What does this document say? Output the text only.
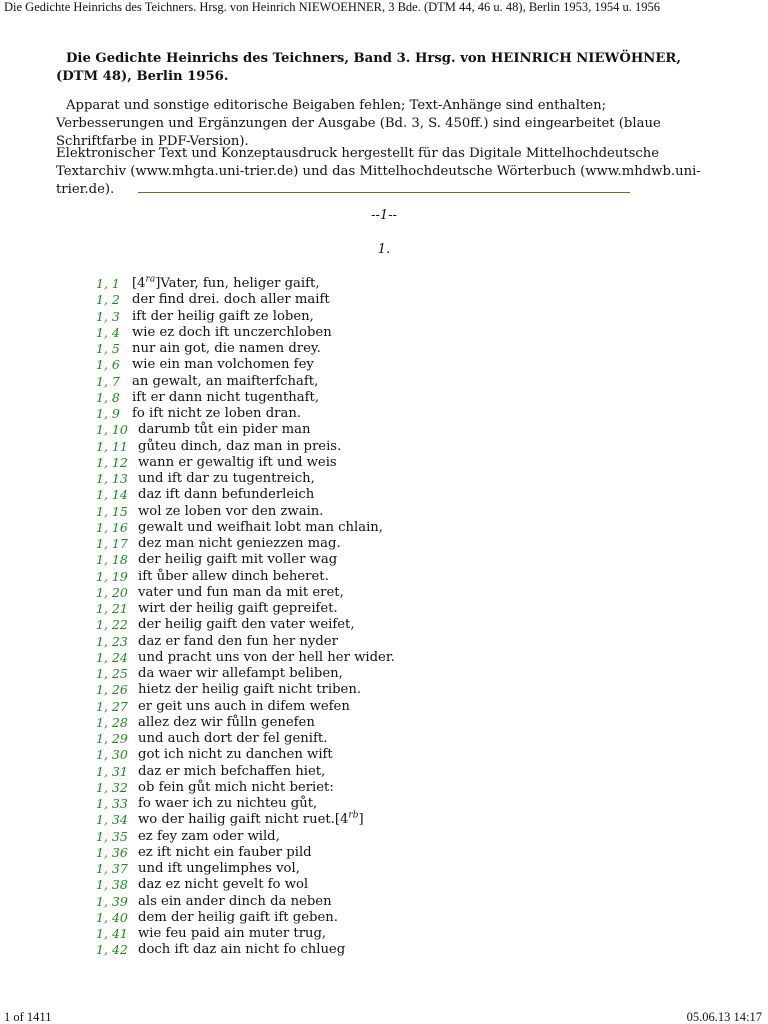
Die Gedichte Heinrichs des Teichners. Hrsg. von Heinrich NIEWOEHNER, 3 Bde. (DTM 44, 46 u. 48), Berlin 1953, 1954 u. 1956
Die Gedichte Heinrichs des Teichners, Band 3. Hrsg. von HEINRICH NIEWÖHNER, (DTM 48), Berlin 1956.
Apparat und sonstige editorische Beigaben fehlen; Text-Anhänge sind enthalten; Verbesserungen und Ergänzungen der Ausgabe (Bd. 3, S. 450ff.) sind eingearbeitet (blaue Schriftfarbe in PDF-Version).
Elektronischer Text und Konzeptausdruck hergestellt für das Digitale Mittelhochdeutsche Textarchiv (www.mhgta.uni-trier.de) und das Mittelhochdeutsche Wörterbuch (www.mhdwb.uni-trier.de).
--1--
1.
1, 1 $[4^{ra}]Vater$, fun, heliger gaift,
1, 2 der find drei. doch aller maift
1, 3 ift der heilig gaift ze loben,
1, 4 wie ez doch ift unczerchloben
1, 5 nur ain got, die namen drey.
1, 6 wie ein man volchomen fey
1, 7 an gewalt, an maifterfchaft,
1, 8 ift er dann nicht tugenthaft,
1, 9 fo ift nicht ze loben dran.
1, 10 darumb tůt ein pider man
1, 11 gůteu dinch, daz man in preis.
1, 12 wann er gewaltig ift und weis
1, 13 und ift dar zu tugentreich,
1, 14 daz ift dann befunderleich
1, 15 wol ze loben vor den zwain.
1, 16 gewalt und weifhait lobt man chlain,
1, 17 dez man nicht geniezzen mag.
1, 18 der heilig gaift mit voller wag
1, 19 ift ůber allew dinch beheret.
1, 20 vater und fun man da mit eret,
1, 21 wirt der heilig gaift gepreifet.
1, 22 der heilig gaift den vater weifet,
1, 23 daz er fand den fun her nyder
1, 24 und pracht uns von der hell her wider.
1, 25 da waer wir allefampt beliben,
1, 26 hietz der heilig gaift nicht triben.
1, 27 er geit uns auch in difem wefen
1, 28 allez dez wir fůlln genefen
1, 29 und auch dort der fel genift.
1, 30 got ich nicht zu danchen wift
1, 31 daz er mich befchaffen hiet,
1, 32 ob fein gůt mich nicht beriet:
1, 33 fo waer ich zu nichteu gůt,
1, 34 wo der hailig gaift nicht $ruet.[4^{rb}]$
1, 35 ez fey zam oder wild,
1, 36 ez ift nicht ein fauber pild
1, 37 und ift ungelimphes vol,
1, 38 daz ez nicht gevelt fo wol
1, 39 als ein ander dinch da neben
1, 40 dem der heilig gaift ift geben.
1, 41 wie feu paid ain muter trug,
1, 42 doch ift daz ain nicht fo chlueg
1 of 1411	05.06.13 14:17
